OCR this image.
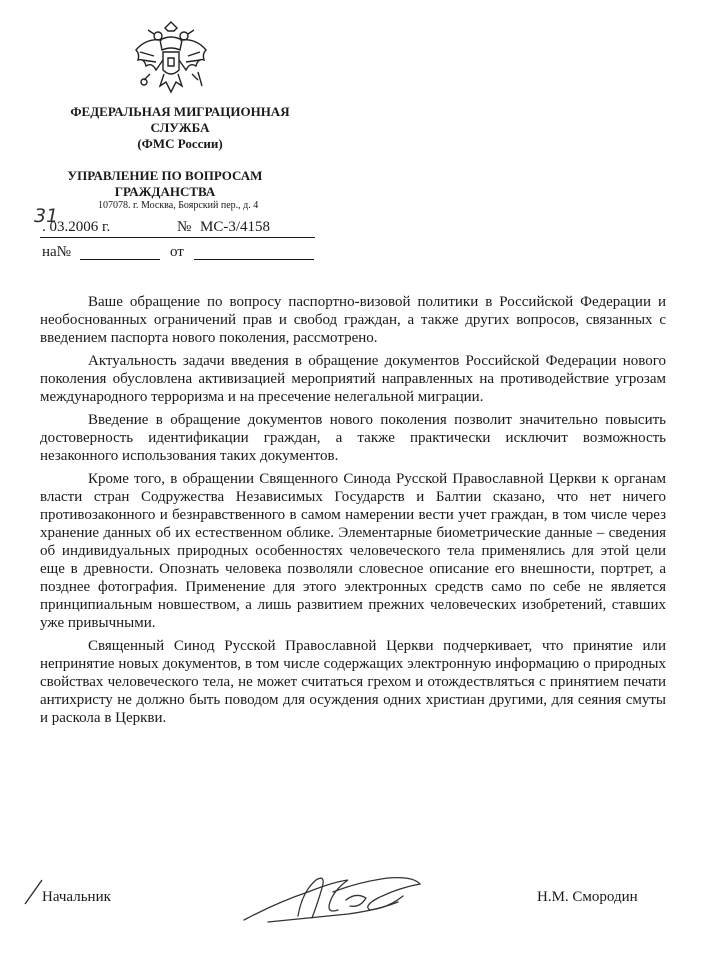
ФЕДЕРАЛЬНАЯ МИГРАЦИОННАЯ
СЛУЖБА
(ФМС России)
УПРАВЛЕНИЕ ПО ВОПРОСАМ
ГРАЖДАНСТВА
107078. г. Москва, Боярский пер., д. 4
31
. 03.2006 г.	№ МС-3/4158
на№	от

Ваше обращение по вопросу паспортно-визовой политики в Российской Федерации и необоснованных ограничений прав и свобод граждан, а также других вопросов, связанных с введением паспорта нового поколения, рассмотрено.

Актуальность задачи введения в обращение документов Российской Федерации нового поколения обусловлена активизацией мероприятий направленных на противодействие угрозам международного терроризма и на пресечение нелегальной миграции.

Введение в обращение документов нового поколения позволит значительно повысить достоверность идентификации граждан, а также практически исключит возможность незаконного использования таких документов.

Кроме того, в обращении Священного Синода Русской Православной Церкви к органам власти стран Содружества Независимых Государств и Балтии сказано, что нет ничего противозаконного и безнравственного в самом намерении вести учет граждан, в том числе через хранение данных об их естественном облике. Элементарные биометрические данные – сведения об индивидуальных природных особенностях человеческого тела применялись для этой цели еще в древности. Опознать человека позволяли словесное описание его внешности, портрет, а позднее фотография. Применение для этого электронных средств само по себе не является принципиальным новшеством, а лишь развитием прежних человеческих изобретений, ставших уже привычными.

Священный Синод Русской Православной Церкви подчеркивает, что принятие или непринятие новых документов, в том числе содержащих электронную информацию о природных свойствах человеческого тела, не может считаться грехом и отождествляться с принятием печати антихристу не должно быть поводом для осуждения одних христиан другими, для сеяния смуты и раскола в Церкви.

Начальник	Н.М. Смородин
